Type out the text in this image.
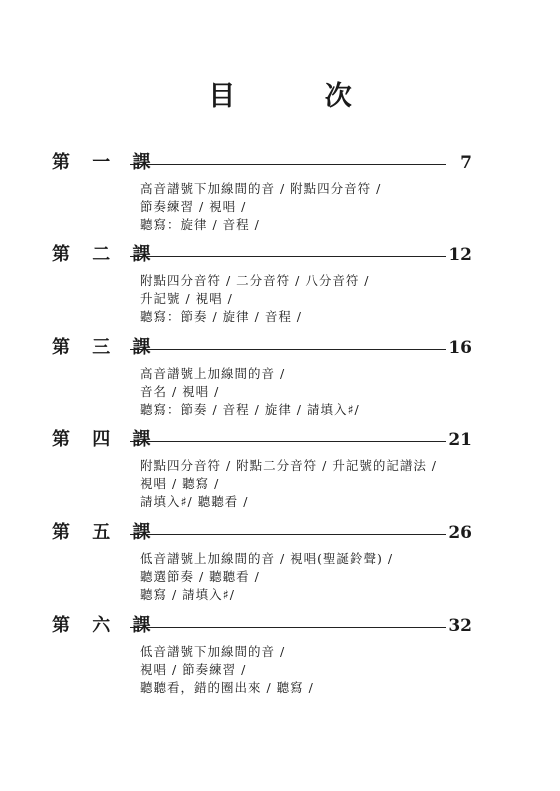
目 次
第 一 課	7
高音譜號下加線間的音 / 附點四分音符 /
節奏練習 / 視唱 /
聽寫：旋律 / 音程 /
第 二 課	12
附點四分音符 / 二分音符 / 八分音符 /
升記號 / 視唱 /
聽寫：節奏 / 旋律 / 音程 /
第 三 課	16
高音譜號上加線間的音 /
音名 / 視唱 /
聽寫：節奏 / 音程 / 旋律 / 請填入♯/
第 四 課	21
附點四分音符 / 附點二分音符 / 升記號的記譜法 /
視唱 / 聽寫 /
請填入♯/ 聽聽看 /
第 五 課	26
低音譜號上加線間的音 / 視唱(聖誕鈴聲) /
聽選節奏 / 聽聽看 /
聽寫 / 請填入♯/
第 六 課	32
低音譜號下加線間的音 /
視唱 / 節奏練習 /
聽聽看，錯的圈出來 / 聽寫 /
